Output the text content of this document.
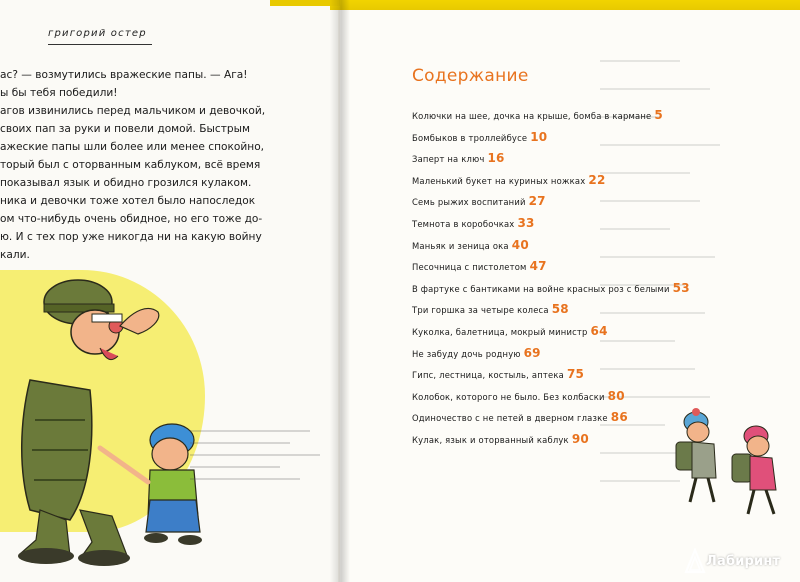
григорий остер
ас? — возмутились вражеские папы. — Ага!
ы бы тебя победили!
агов извинились перед мальчиком и девочкой,
своих пап за руки и повели домой. Быстрым
ажеские папы шли более или менее спокойно,
торый был с оторванным каблуком, всё время
показывал язык и обидно грозился кулаком.
ника и девочки тоже хотел было напоследок
ом что-нибудь очень обидное, но его тоже до-
ю. И с тех пор уже никогда ни на какую войну
кали.
Содержание
Колючки на шее, дочка на крыше, бомба в кармане 5
Бомбыков в троллейбусе 10
Заперт на ключ 16
Маленький букет на куриных ножках 22
Семь рыжих воспитаний 27
Темнота в коробочках 33
Маньяк и зеница ока 40
Песочница с пистолетом 47
В фартуке с бантиками на войне красных роз с белыми 53
Три горшка за четыре колеса 58
Куколка, балетница, мокрый министр 64
Не забуду дочь родную 69
Гипс, лестница, костыль, аптека 75
Колобок, которого не было. Без колбаски 80
Одиночество с не петей в дверном глазке 86
Кулак, язык и оторванный каблук 90
Лабиринт
